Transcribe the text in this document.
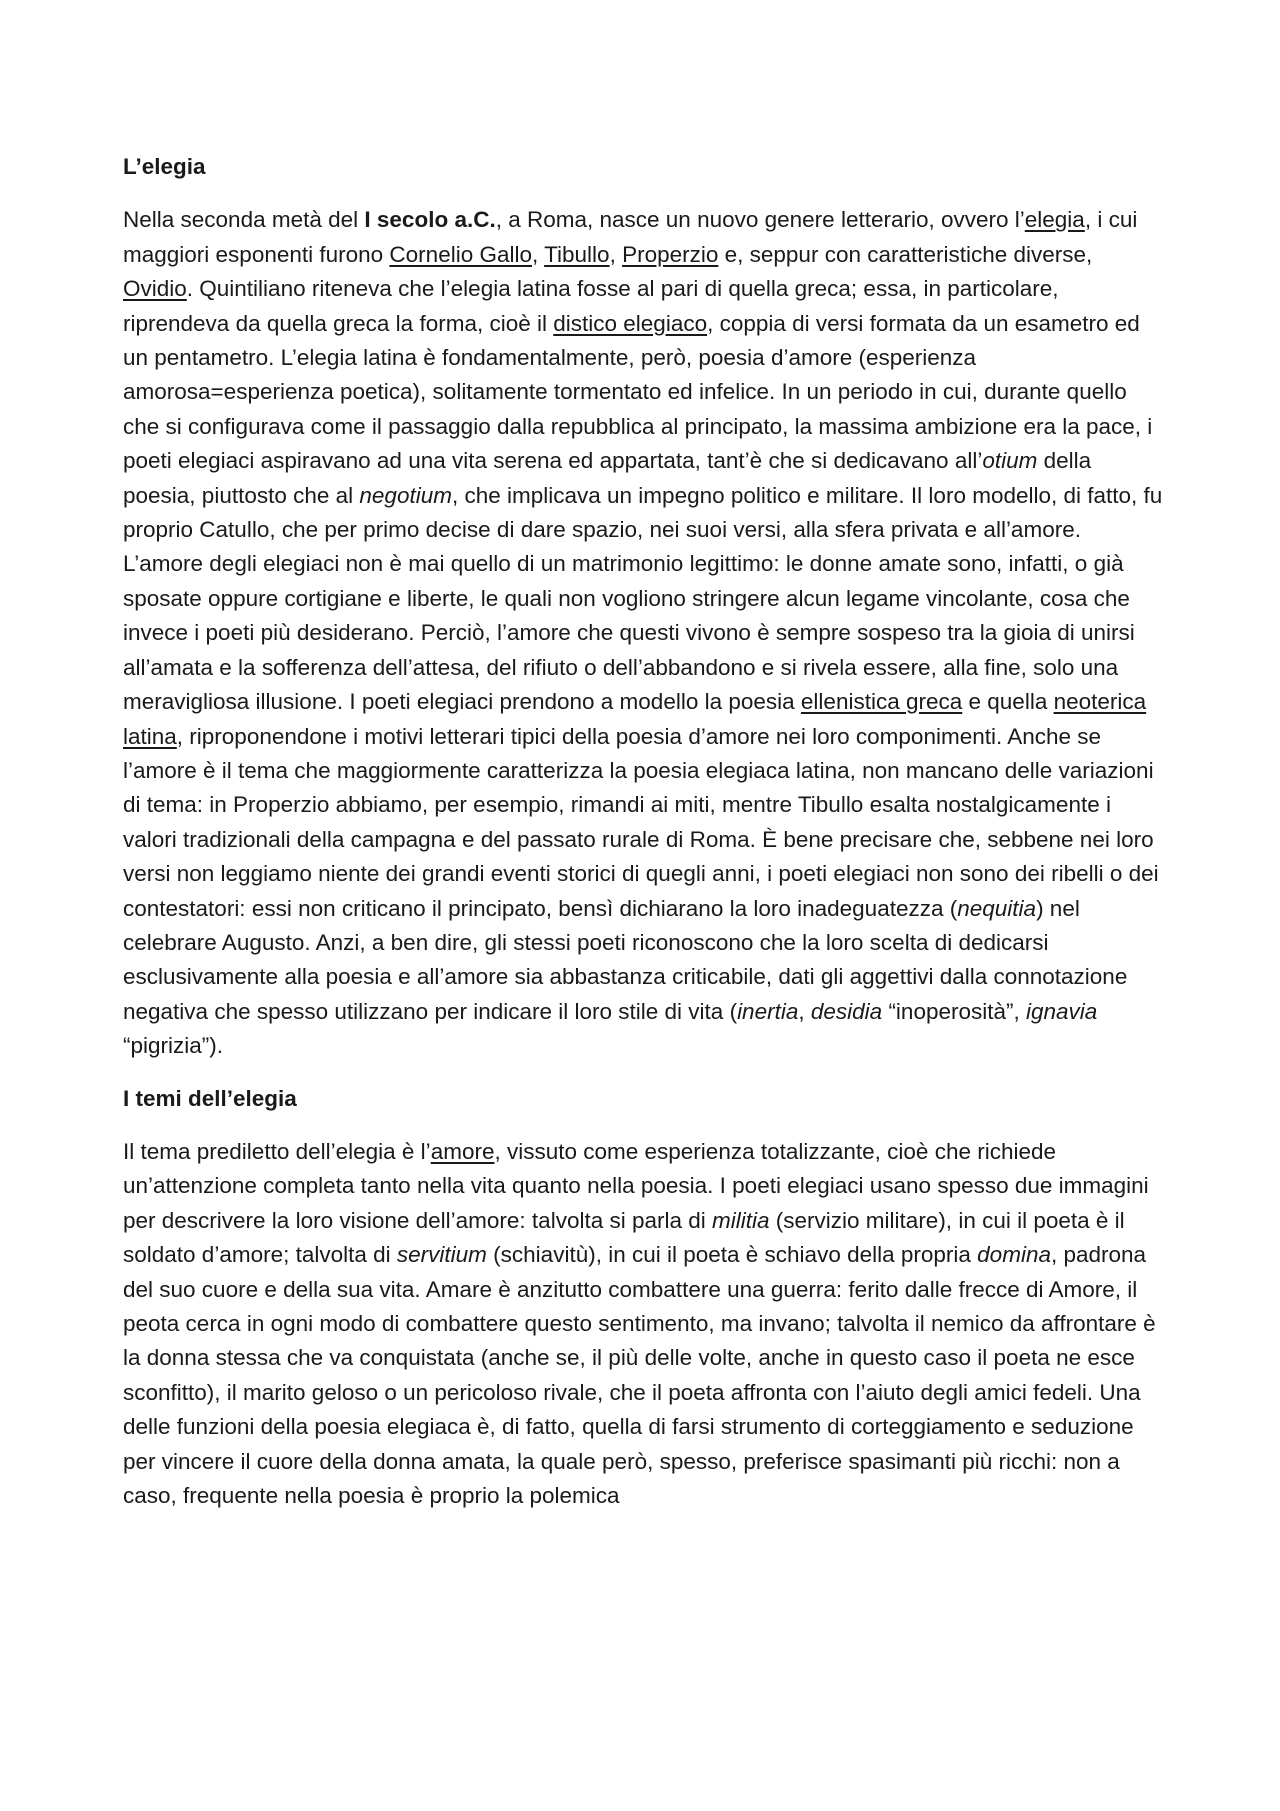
L’elegia
Nella seconda metà del I secolo a.C., a Roma, nasce un nuovo genere letterario, ovvero l’elegia, i cui maggiori esponenti furono Cornelio Gallo, Tibullo, Properzio e, seppur con caratteristiche diverse, Ovidio. Quintiliano riteneva che l’elegia latina fosse al pari di quella greca; essa, in particolare, riprendeva da quella greca la forma, cioè il distico elegiaco, coppia di versi formata da un esametro ed un pentametro. L’elegia latina è fondamentalmente, però, poesia d’amore (esperienza amorosa=esperienza poetica), solitamente tormentato ed infelice. In un periodo in cui, durante quello che si configurava come il passaggio dalla repubblica al principato, la massima ambizione era la pace, i poeti elegiaci aspiravano ad una vita serena ed appartata, tant’è che si dedicavano all’otium della poesia, piuttosto che al negotium, che implicava un impegno politico e militare. Il loro modello, di fatto, fu proprio Catullo, che per primo decise di dare spazio, nei suoi versi, alla sfera privata e all’amore. L’amore degli elegiaci non è mai quello di un matrimonio legittimo: le donne amate sono, infatti, o già sposate oppure cortigiane e liberte, le quali non vogliono stringere alcun legame vincolante, cosa che invece i poeti più desiderano. Perciò, l’amore che questi vivono è sempre sospeso tra la gioia di unirsi all’amata e la sofferenza dell’attesa, del rifiuto o dell’abbandono e si rivela essere, alla fine, solo una meravigliosa illusione. I poeti elegiaci prendono a modello la poesia ellenistica greca e quella neoterica latina, riproponendone i motivi letterari tipici della poesia d’amore nei loro componimenti. Anche se l’amore è il tema che maggiormente caratterizza la poesia elegiaca latina, non mancano delle variazioni di tema: in Properzio abbiamo, per esempio, rimandi ai miti, mentre Tibullo esalta nostalgicamente i valori tradizionali della campagna e del passato rurale di Roma. È bene precisare che, sebbene nei loro versi non leggiamo niente dei grandi eventi storici di quegli anni, i poeti elegiaci non sono dei ribelli o dei contestatori: essi non criticano il principato, bensì dichiarano la loro inadeguatezza (nequitia) nel celebrare Augusto. Anzi, a ben dire, gli stessi poeti riconoscono che la loro scelta di dedicarsi esclusivamente alla poesia e all’amore sia abbastanza criticabile, dati gli aggettivi dalla connotazione negativa che spesso utilizzano per indicare il loro stile di vita (inertia, desidia “inoperosità”, ignavia “pigrizia”).
I temi dell’elegia
Il tema prediletto dell’elegia è l’amore, vissuto come esperienza totalizzante, cioè che richiede un’attenzione completa tanto nella vita quanto nella poesia. I poeti elegiaci usano spesso due immagini per descrivere la loro visione dell’amore: talvolta si parla di militia (servizio militare), in cui il poeta è il soldato d’amore; talvolta di servitium (schiavitù), in cui il poeta è schiavo della propria domina, padrona del suo cuore e della sua vita. Amare è anzitutto combattere una guerra: ferito dalle frecce di Amore, il peota cerca in ogni modo di combattere questo sentimento, ma invano; talvolta il nemico da affrontare è la donna stessa che va conquistata (anche se, il più delle volte, anche in questo caso il poeta ne esce sconfitto), il marito geloso o un pericoloso rivale, che il poeta affronta con l’aiuto degli amici fedeli. Una delle funzioni della poesia elegiaca è, di fatto, quella di farsi strumento di corteggiamento e seduzione per vincere il cuore della donna amata, la quale però, spesso, preferisce spasimanti più ricchi: non a caso, frequente nella poesia è proprio la polemica
